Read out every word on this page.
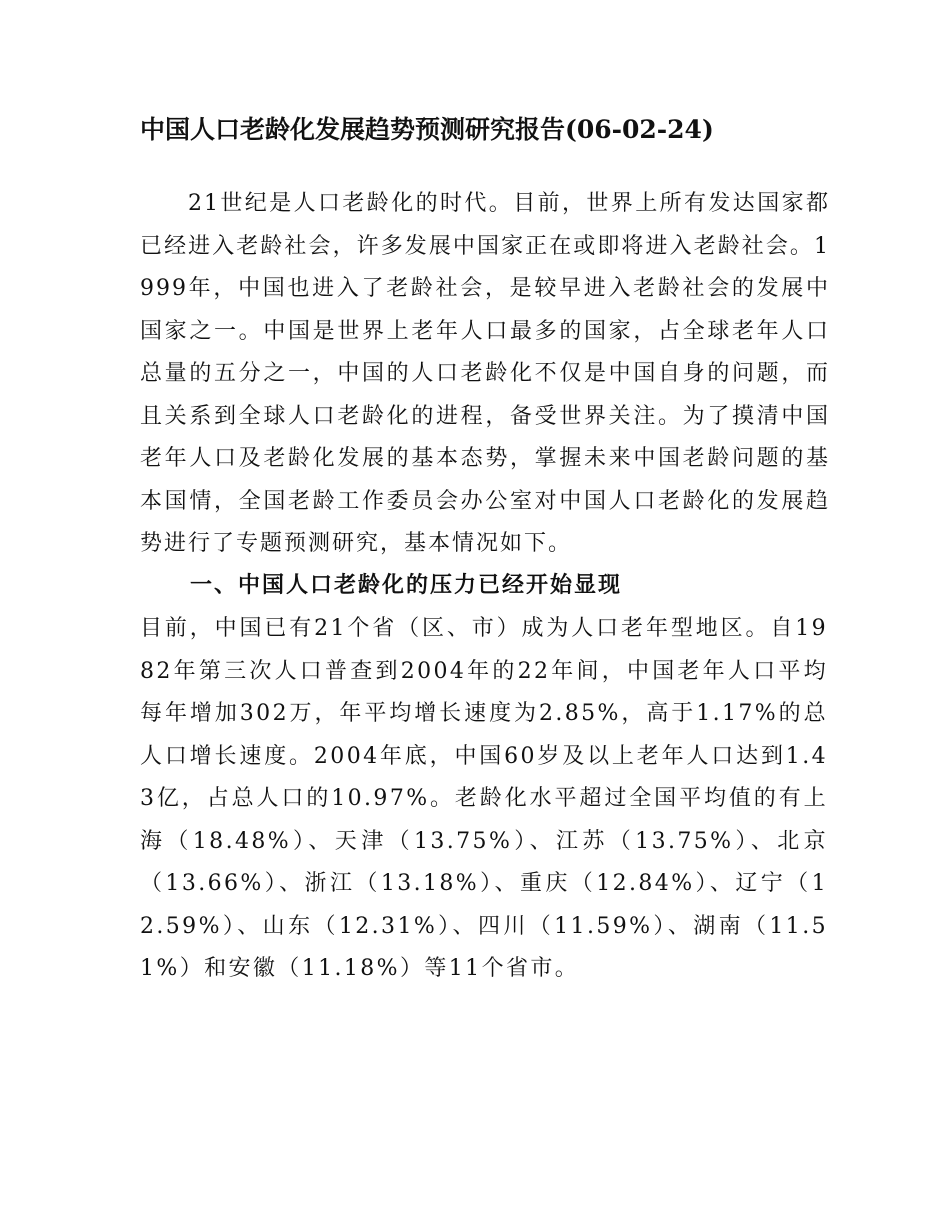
中国人口老龄化发展趋势预测研究报告(06-02-24)
21世纪是人口老龄化的时代。目前，世界上所有发达国家都已经进入老龄社会，许多发展中国家正在或即将进入老龄社会。1999年，中国也进入了老龄社会，是较早进入老龄社会的发展中国家之一。中国是世界上老年人口最多的国家，占全球老年人口总量的五分之一，中国的人口老龄化不仅是中国自身的问题，而且关系到全球人口老龄化的进程，备受世界关注。为了摸清中国老年人口及老龄化发展的基本态势，掌握未来中国老龄问题的基本国情，全国老龄工作委员会办公室对中国人口老龄化的发展趋势进行了专题预测研究，基本情况如下。
一、中国人口老龄化的压力已经开始显现
目前，中国已有21个省（区、市）成为人口老年型地区。自1982年第三次人口普查到2004年的22年间，中国老年人口平均每年增加302万，年平均增长速度为2.85%，高于1.17%的总人口增长速度。2004年底，中国60岁及以上老年人口达到1.43亿，占总人口的10.97%。老龄化水平超过全国平均值的有上海（18.48%）、天津（13.75%）、江苏（13.75%）、北京（13.66%）、浙江（13.18%）、重庆（12.84%）、辽宁（12.59%）、山东（12.31%）、四川（11.59%）、湖南（11.51%）和安徽（11.18%）等11个省市。
